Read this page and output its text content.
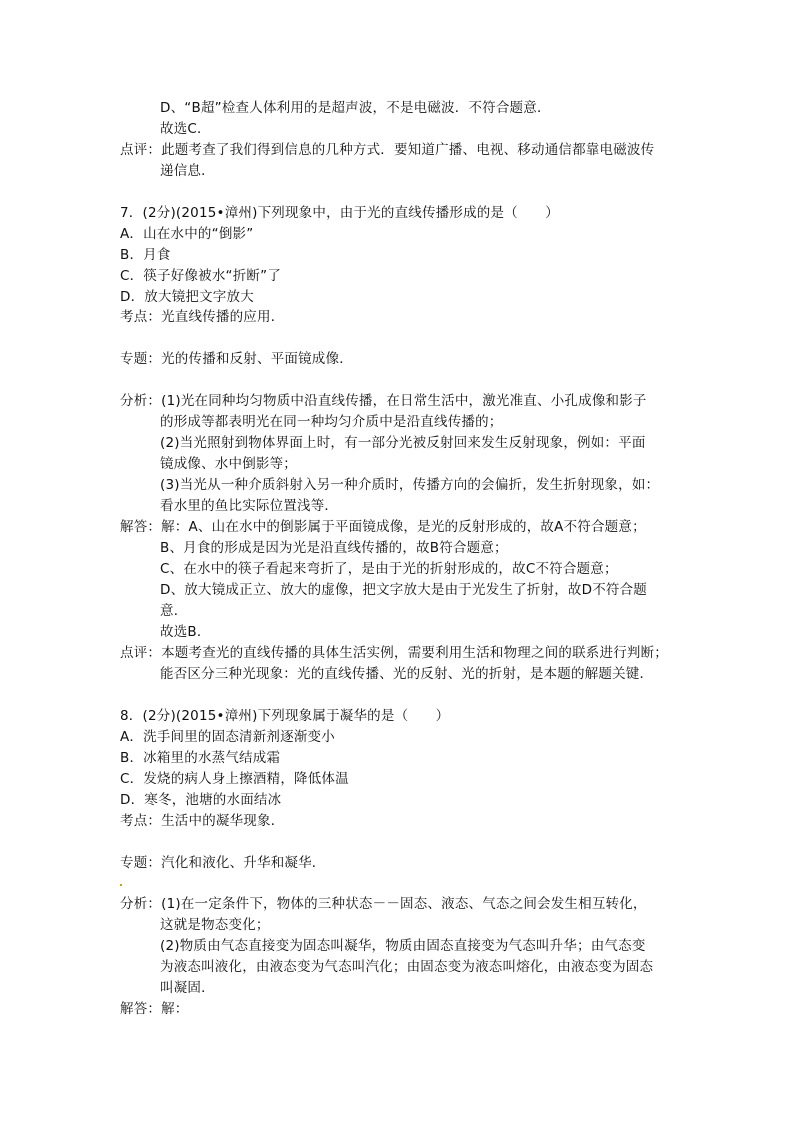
D、“B超”检查人体利用的是超声波，不是电磁波．不符合题意．
故选C．
点评：此题考查了我们得到信息的几种方式．要知道广播、电视、移动通信都靠电磁波传
递信息．
7．(2分)(2015•漳州)下列现象中，由于光的直线传播形成的是（　　）
A．山在水中的“倒影”
B．月食
C．筷子好像被水“折断”了
D．放大镜把文字放大
考点：光直线传播的应用．
专题：光的传播和反射、平面镜成像．
分析：(1)光在同种均匀物质中沿直线传播，在日常生活中，激光准直、小孔成像和影子
的形成等都表明光在同一种均匀介质中是沿直线传播的；
(2)当光照射到物体界面上时，有一部分光被反射回来发生反射现象，例如：平面
镜成像、水中倒影等；
(3)当光从一种介质斜射入另一种介质时，传播方向的会偏折，发生折射现象，如：
看水里的鱼比实际位置浅等．
解答：解：A、山在水中的倒影属于平面镜成像，是光的反射形成的，故A不符合题意；
B、月食的形成是因为光是沿直线传播的，故B符合题意；
C、在水中的筷子看起来弯折了，是由于光的折射形成的，故C不符合题意；
D、放大镜成正立、放大的虚像，把文字放大是由于光发生了折射，故D不符合题
意．
故选B．
点评：本题考查光的直线传播的具体生活实例，需要利用生活和物理之间的联系进行判断；
能否区分三种光现象：光的直线传播、光的反射、光的折射，是本题的解题关键．
8．(2分)(2015•漳州)下列现象属于凝华的是（　　）
A．洗手间里的固态清新剂逐渐变小
B．冰箱里的水蒸气结成霜
C．发烧的病人身上擦酒精，降低体温
D．寒冬，池塘的水面结冰
考点：生活中的凝华现象．
专题：汽化和液化、升华和凝华．
分析：(1)在一定条件下，物体的三种状态－－固态、液态、气态之间会发生相互转化，
这就是物态变化；
(2)物质由气态直接变为固态叫凝华，物质由固态直接变为气态叫升华；由气态变
为液态叫液化，由液态变为气态叫汽化；由固态变为液态叫熔化，由液态变为固态
叫凝固．
解答：解：
